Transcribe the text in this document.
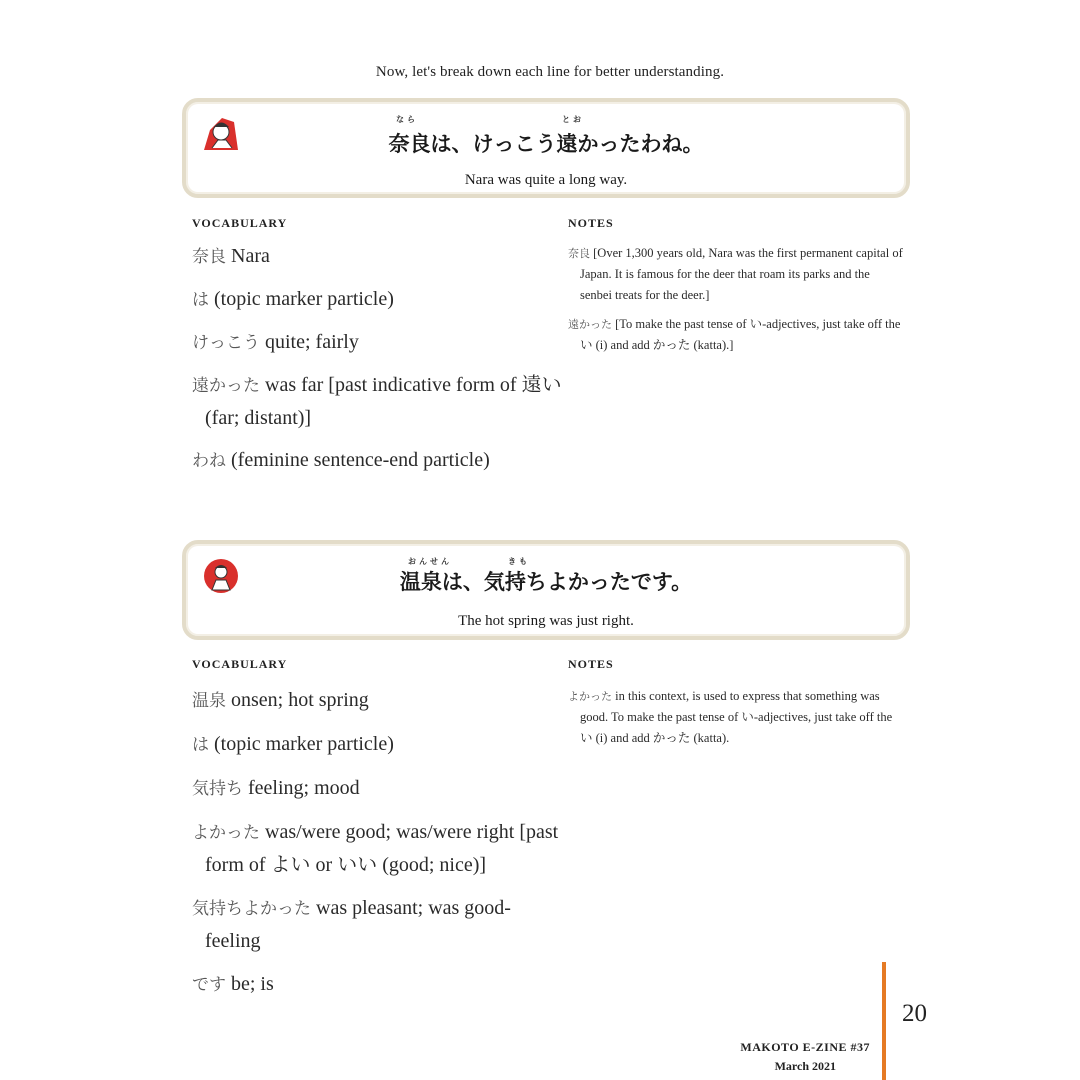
Now, let's break down each line for better understanding.
なら	とお
奈良は、けっこう遠かったわね。
Nara was quite a long way.
VOCABULARY	NOTES
奈良 Nara
は (topic marker particle)
けっこう quite; fairly
遠かった was far [past indicative form of 遠い (far; distant)]
わね (feminine sentence-end particle)
奈良 [Over 1,300 years old, Nara was the first permanent capital of Japan. It is famous for the deer that roam its parks and the senbei treats for the deer.]
遠かった [To make the past tense of い-adjectives, just take off the い (i) and add かった (katta).]
おんせん	きも
温泉は、気持ちよかったです。
The hot spring was just right.
VOCABULARY	NOTES
温泉 onsen; hot spring
は (topic marker particle)
気持ち feeling; mood
よかった was/were good; was/were right [past form of よい or いい (good; nice)]
気持ちよかった was pleasant; was good-feeling
です be; is
よかった in this context, is used to express that something was good. To make the past tense of い-adjectives, just take off the い (i) and add かった (katta).
20
MAKOTO E-ZINE #37
March 2021
